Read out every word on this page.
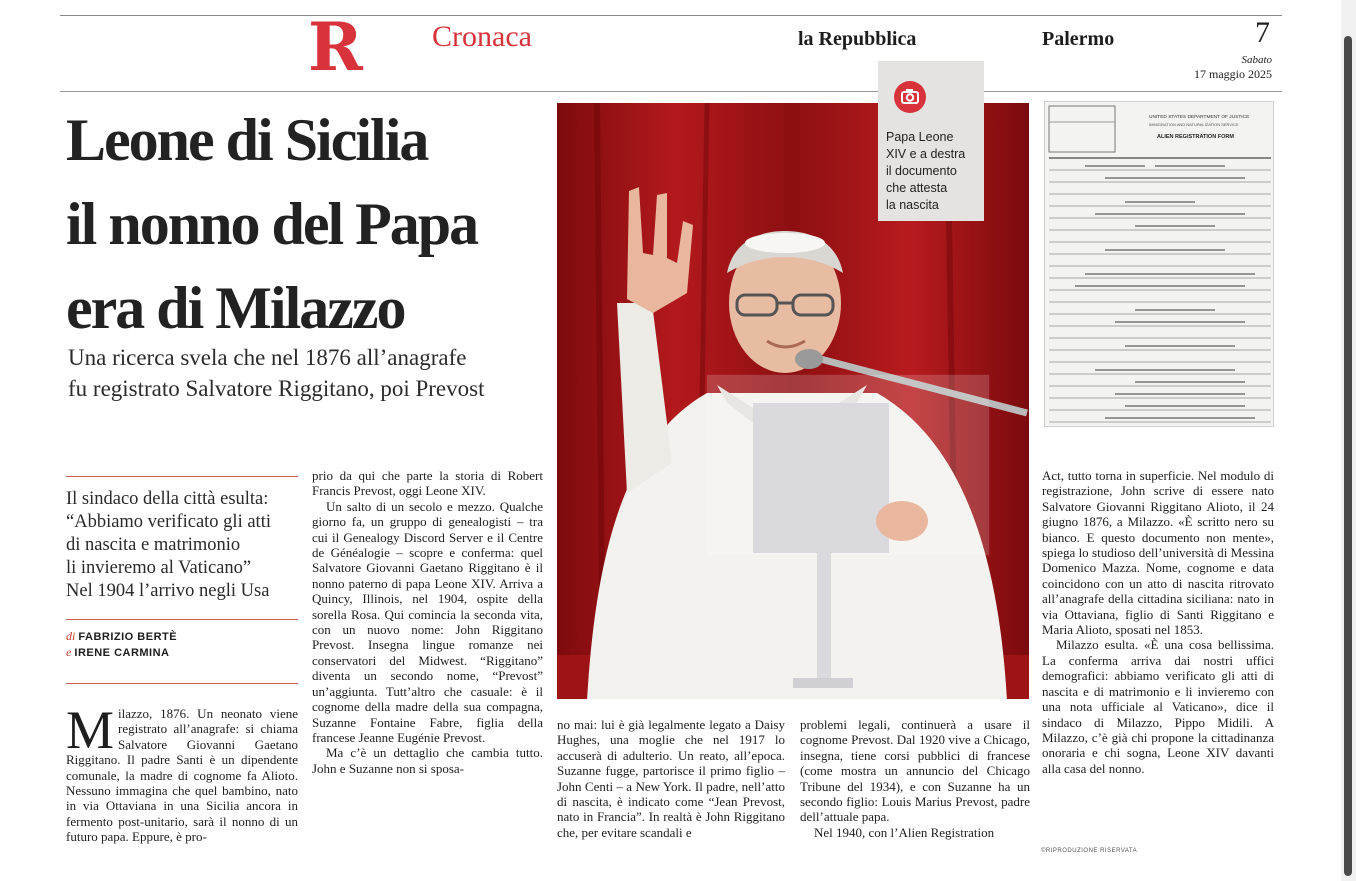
R Cronaca	la Repubblica	Palermo	7
Sabato
17 maggio 2025
Leone di Sicilia
il nonno del Papa
era di Milazzo
Una ricerca svela che nel 1876 all’anagrafe
fu registrato Salvatore Riggitano, poi Prevost
Il sindaco della città esulta:
“Abbiamo verificato gli atti
di nascita e matrimonio
li invieremo al Vaticano”
Nel 1904 l’arrivo negli Usa
di FABRIZIO BERTÈ
e IRENE CARMINA

Milazzo, 1876. Un neonato viene registrato all’anagrafe: si chiama Salvatore Giovanni Gaetano Riggitano. Il padre Santi è un dipendente comunale, la madre di cognome fa Alioto. Nessuno immagina che quel bambino, nato in via Ottaviana in una Sicilia ancora in fermento post-unitario, sarà il nonno di un futuro papa. Eppure, è pro-

prio da qui che parte la storia di Robert Francis Prevost, oggi Leone XIV.

Un salto di un secolo e mezzo. Qualche giorno fa, un gruppo di genealogisti – tra cui il Genealogy Discord Server e il Centre de Généalogie – scopre e conferma: quel Salvatore Giovanni Gaetano Riggitano è il nonno paterno di papa Leone XIV. Arriva a Quincy, Illinois, nel 1904, ospite della sorella Rosa. Qui comincia la seconda vita, con un nuovo nome: John Riggitano Prevost. Insegna lingue romanze nei conservatori del Midwest. “Riggitano” diventa un secondo nome, “Prevost” un’aggiunta. Tutt’altro che casuale: è il cognome della madre della sua compagna, Suzanne Fontaine Fabre, figlia della francese Jeanne Eugénie Prevost.

Ma c’è un dettaglio che cambia tutto. John e Suzanne non si sposa-

no mai: lui è già legalmente legato a Daisy Hughes, una moglie che nel 1917 lo accuserà di adulterio. Un reato, all’epoca. Suzanne fugge, partorisce il primo figlio – John Centi – a New York. Il padre, nell’atto di nascita, è indicato come “Jean Prevost, nato in Francia”. In realtà è John Riggitano che, per evitare scandali e

problemi legali, continuerà a usare il cognome Prevost. Dal 1920 vive a Chicago, insegna, tiene corsi pubblici di francese (come mostra un annuncio del Chicago Tribune del 1934), e con Suzanne ha un secondo figlio: Louis Marius Prevost, padre dell’attuale papa.

Nel 1940, con l’Alien Registration

Act, tutto torna in superficie. Nel modulo di registrazione, John scrive di essere nato Salvatore Giovanni Riggitano Alioto, il 24 giugno 1876, a Milazzo. «È scritto nero su bianco. E questo documento non mente», spiega lo studioso dell’università di Messina Domenico Mazza. Nome, cognome e data coincidono con un atto di nascita ritrovato all’anagrafe della cittadina siciliana: nato in via Ottaviana, figlio di Santi Riggitano e Maria Alioto, sposati nel 1853.

Milazzo esulta. «È una cosa bellissima. La conferma arriva dai nostri uffici demografici: abbiamo verificato gli atti di nascita e di matrimonio e li invieremo con una nota ufficiale al Vaticano», dice il sindaco di Milazzo, Pippo Midili. A Milazzo, c’è già chi propone la cittadinanza onoraria e chi sogna, Leone XIV davanti alla casa del nonno.

Papa Leone
XIV e a destra
il documento
che attesta
la nascita
UNITED STATES DEPARTMENT OF JUSTICE
IMMIGRATION AND NATURALIZATION SERVICE
ALIEN REGISTRATION FORM
©RIPRODUZIONE RISERVATA
